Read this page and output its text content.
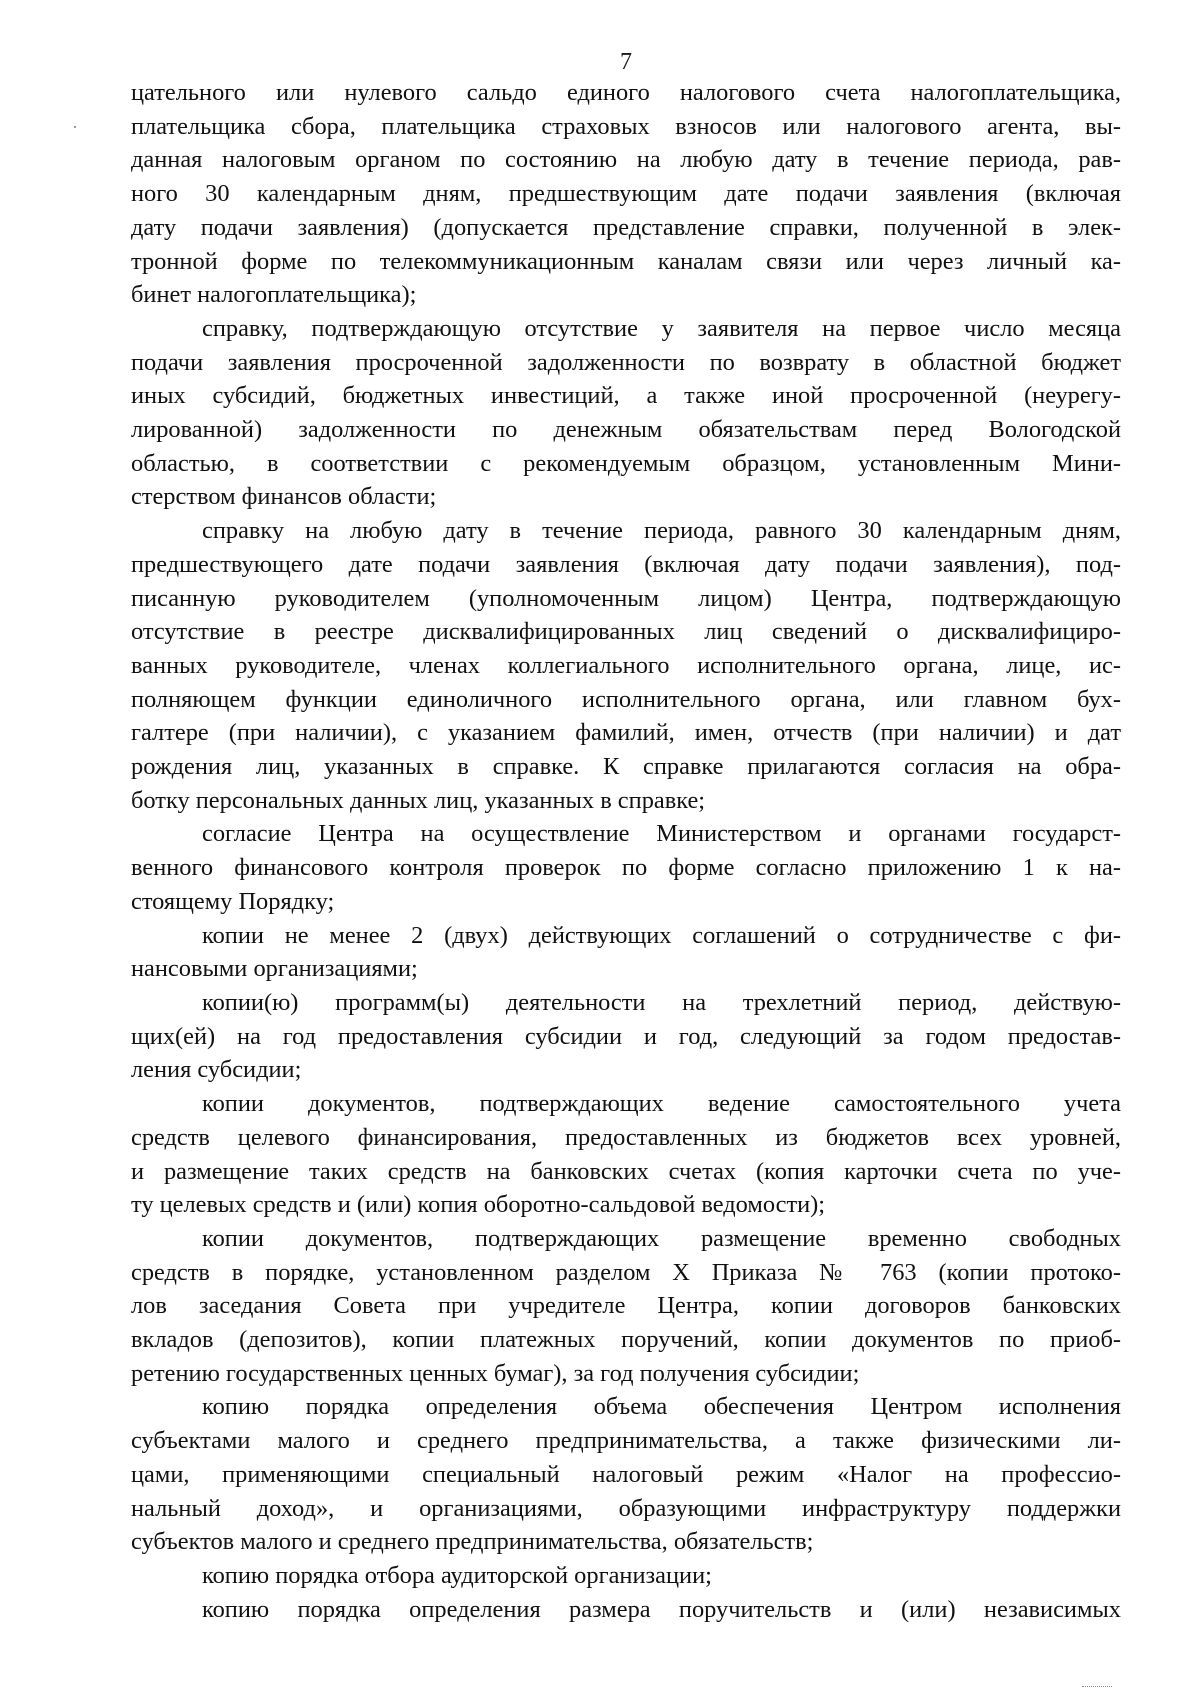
7

цательного или нулевого сальдо единого налогового счета налогоплательщика,

плательщика сбора, плательщика страховых взносов или налогового агента, вы-

данная налоговым органом по состоянию на любую дату в течение периода, рав-

ного 30 календарным дням, предшествующим дате подачи заявления (включая

дату подачи заявления) (допускается представление справки, полученной в элек-

тронной форме по телекоммуникационным каналам связи или через личный ка-

бинет налогоплательщика);

справку, подтверждающую отсутствие у заявителя на первое число месяца

подачи заявления просроченной задолженности по возврату в областной бюджет

иных субсидий, бюджетных инвестиций, а также иной просроченной (неурегу-

лированной) задолженности по денежным обязательствам перед Вологодской

областью, в соответствии с рекомендуемым образцом, установленным Мини-

стерством финансов области;

справку на любую дату в течение периода, равного 30 календарным дням,

предшествующего дате подачи заявления (включая дату подачи заявления), под-

писанную руководителем (уполномоченным лицом) Центра, подтверждающую

отсутствие в реестре дисквалифицированных лиц сведений о дисквалифициро-

ванных руководителе, членах коллегиального исполнительного органа, лице, ис-

полняющем функции единоличного исполнительного органа, или главном бух-

галтере (при наличии), с указанием фамилий, имен, отчеств (при наличии) и дат

рождения лиц, указанных в справке. К справке прилагаются согласия на обра-

ботку персональных данных лиц, указанных в справке;

согласие Центра на осуществление Министерством и органами государст-

венного финансового контроля проверок по форме согласно приложению 1 к на-

стоящему Порядку;

копии не менее 2 (двух) действующих соглашений о сотрудничестве с фи-

нансовыми организациями;

копии(ю) программ(ы) деятельности на трехлетний период, действую-

щих(ей) на год предоставления субсидии и год, следующий за годом предостав-

ления субсидии;

копии документов, подтверждающих ведение самостоятельного учета

средств целевого финансирования, предоставленных из бюджетов всех уровней,

и размещение таких средств на банковских счетах (копия карточки счета по уче-

ту целевых средств и (или) копия оборотно-сальдовой ведомости);

копии документов, подтверждающих размещение временно свободных

средств в порядке, установленном разделом X Приказа № 763 (копии протоко-

лов заседания Совета при учредителе Центра, копии договоров банковских

вкладов (депозитов), копии платежных поручений, копии документов по приоб-

ретению государственных ценных бумаг), за год получения субсидии;

копию порядка определения объема обеспечения Центром исполнения

субъектами малого и среднего предпринимательства, а также физическими ли-

цами, применяющими специальный налоговый режим «Налог на профессио-

нальный доход», и организациями, образующими инфраструктуру поддержки

субъектов малого и среднего предпринимательства, обязательств;

копию порядка отбора аудиторской организации;

копию порядка определения размера поручительств и (или) независимых
